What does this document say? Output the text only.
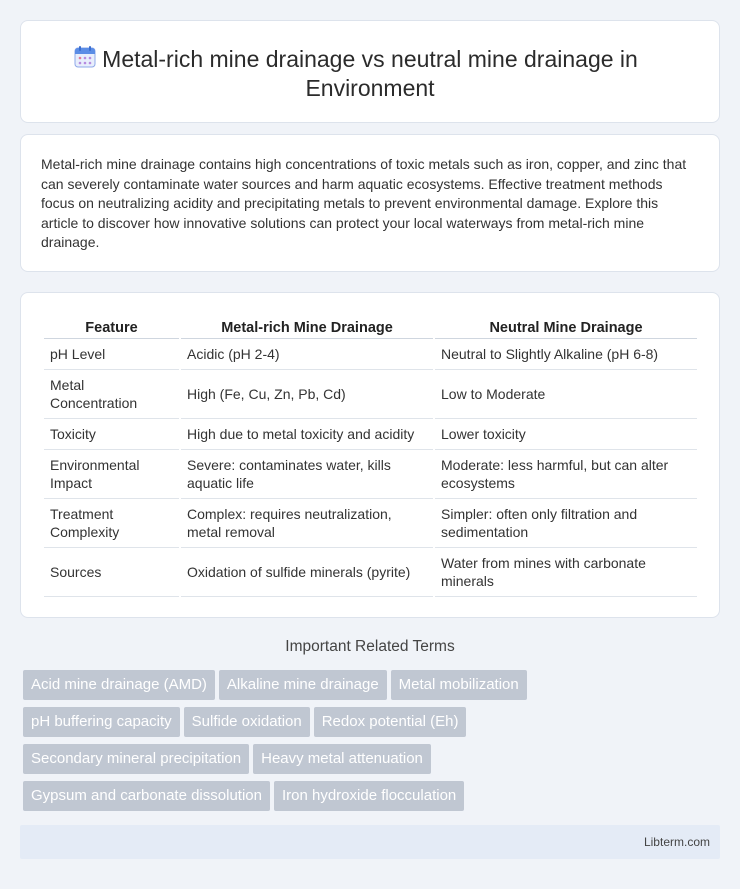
Metal-rich mine drainage vs neutral mine drainage in Environment

Metal-rich mine drainage contains high concentrations of toxic metals such as iron, copper, and zinc that can severely contaminate water sources and harm aquatic ecosystems. Effective treatment methods focus on neutralizing acidity and precipitating metals to prevent environmental damage. Explore this article to discover how innovative solutions can protect your local waterways from metal-rich mine drainage.

Feature	Metal-rich Mine Drainage	Neutral Mine Drainage
pH Level	Acidic (pH 2-4)	Neutral to Slightly Alkaline (pH 6-8)
Metal Concentration	High (Fe, Cu, Zn, Pb, Cd)	Low to Moderate
Toxicity	High due to metal toxicity and acidity	Lower toxicity
Environmental Impact	Severe: contaminates water, kills aquatic life	Moderate: less harmful, but can alter ecosystems
Treatment Complexity	Complex: requires neutralization, metal removal	Simpler: often only filtration and sedimentation
Sources	Oxidation of sulfide minerals (pyrite)	Water from mines with carbonate minerals
Important Related Terms
Acid mine drainage (AMD) Alkaline mine drainage Metal mobilization
pH buffering capacity Sulfide oxidation Redox potential (Eh)
Secondary mineral precipitation Heavy metal attenuation
Gypsum and carbonate dissolution Iron hydroxide flocculation
Libterm.com
